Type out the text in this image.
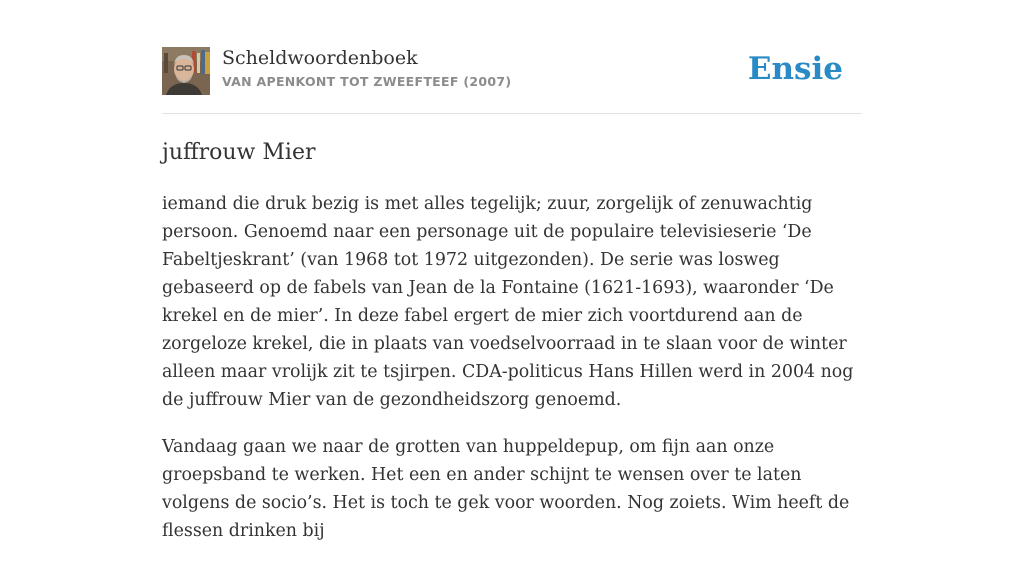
Scheldwoordenboek
VAN APENKONT TOT ZWEEFTEEF (2007)	Ensie
juffrouw Mier

iemand die druk bezig is met alles tegelijk; zuur, zorgelijk of zenuwachtig persoon. Genoemd naar een personage uit de populaire televisieserie ‘De Fabeltjeskrant’ (van 1968 tot 1972 uitgezonden). De serie was losweg gebaseerd op de fabels van Jean de la Fontaine (1621-1693), waaronder ‘De krekel en de mier’. In deze fabel ergert de mier zich voortdurend aan de zorgeloze krekel, die in plaats van voedselvoorraad in te slaan voor de winter alleen maar vrolijk zit te tsjirpen. CDA-politicus Hans Hillen werd in 2004 nog de juffrouw Mier van de gezondheidszorg genoemd.

Vandaag gaan we naar de grotten van huppeldepup, om fijn aan onze groepsband te werken. Het een en ander schijnt te wensen over te laten volgens de socio’s. Het is toch te gek voor woorden. Nog zoiets. Wim heeft de flessen drinken bij
